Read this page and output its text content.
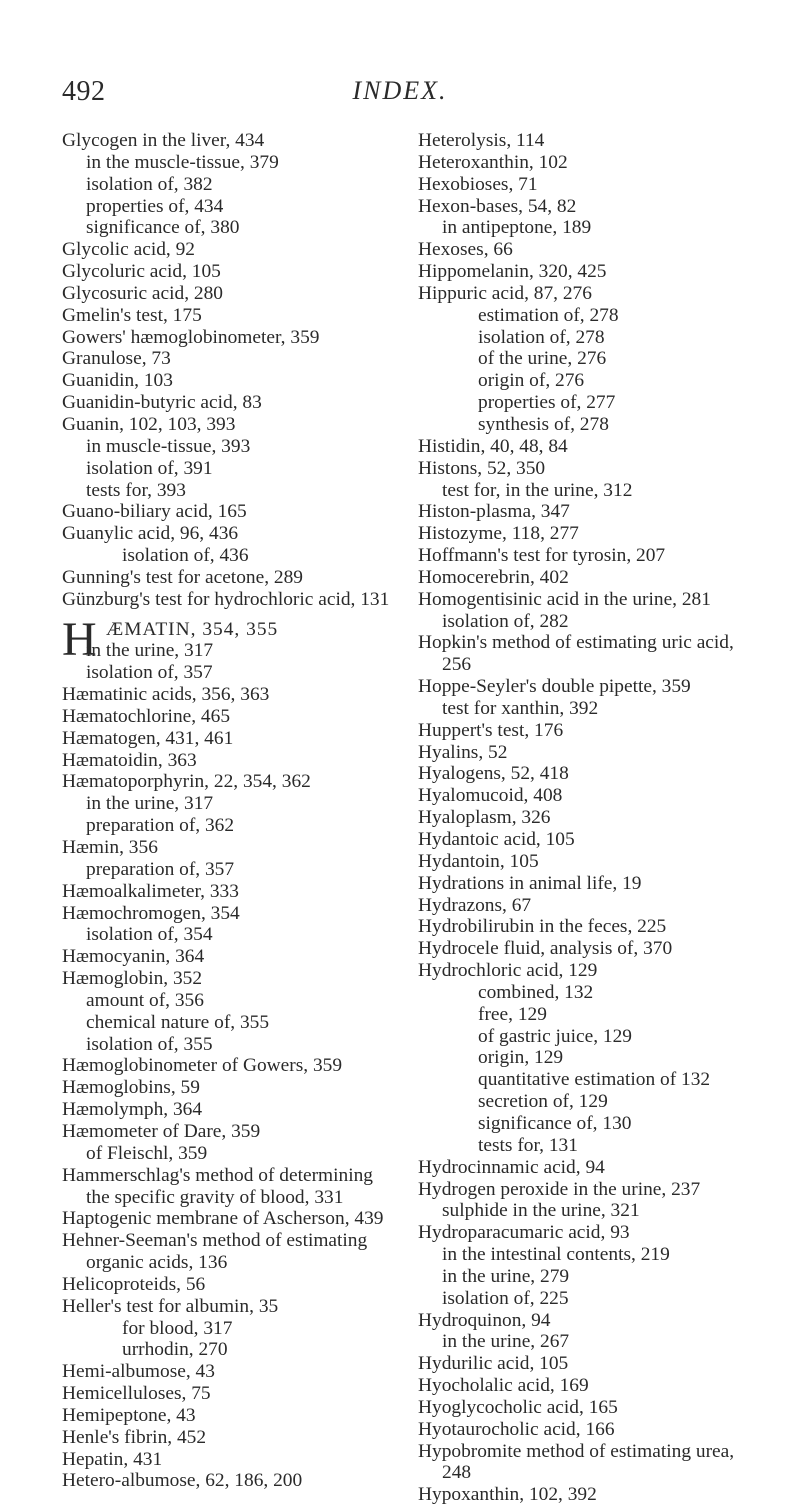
492	INDEX.
Glycogen in the liver, 434
in the muscle-tissue, 379
isolation of, 382
properties of, 434
significance of, 380
Glycolic acid, 92
Glycoluric acid, 105
Glycosuric acid, 280
Gmelin's test, 175
Gowers' hæmoglobinometer, 359
Granulose, 73
Guanidin, 103
Guanidin-butyric acid, 83
Guanin, 102, 103, 393
in muscle-tissue, 393
isolation of, 391
tests for, 393
Guano-biliary acid, 165
Guanylic acid, 96, 436
isolation of, 436
Gunning's test for acetone, 289
Günzburg's test for hydrochloric acid, 131
H ÆMATIN, 354, 355
in the urine, 317
isolation of, 357
Hæmatinic acids, 356, 363
Hæmatochlorine, 465
Hæmatogen, 431, 461
Hæmatoidin, 363
Hæmatoporphyrin, 22, 354, 362
in the urine, 317
preparation of, 362
Hæmin, 356
preparation of, 357
Hæmoalkalimeter, 333
Hæmochromogen, 354
isolation of, 354
Hæmocyanin, 364
Hæmoglobin, 352
amount of, 356
chemical nature of, 355
isolation of, 355
Hæmoglobinometer of Gowers, 359
Hæmoglobins, 59
Hæmolymph, 364
Hæmometer of Dare, 359
of Fleischl, 359
Hammerschlag's method of determining
the specific gravity of blood, 331
Haptogenic membrane of Ascherson, 439
Hehner-Seeman's method of estimating
organic acids, 136
Helicoproteids, 56
Heller's test for albumin, 35
for blood, 317
urrhodin, 270
Hemi-albumose, 43
Hemicelluloses, 75
Hemipeptone, 43
Henle's fibrin, 452
Hepatin, 431
Hetero-albumose, 62, 186, 200
Heterolysis, 114
Heteroxanthin, 102
Hexobioses, 71
Hexon-bases, 54, 82
in antipeptone, 189
Hexoses, 66
Hippomelanin, 320, 425
Hippuric acid, 87, 276
estimation of, 278
isolation of, 278
of the urine, 276
origin of, 276
properties of, 277
synthesis of, 278
Histidin, 40, 48, 84
Histons, 52, 350
test for, in the urine, 312
Histon-plasma, 347
Histozyme, 118, 277
Hoffmann's test for tyrosin, 207
Homocerebrin, 402
Homogentisinic acid in the urine, 281
isolation of, 282
Hopkin's method of estimating uric acid,
256
Hoppe-Seyler's double pipette, 359
test for xanthin, 392
Huppert's test, 176
Hyalins, 52
Hyalogens, 52, 418
Hyalomucoid, 408
Hyaloplasm, 326
Hydantoic acid, 105
Hydantoin, 105
Hydrations in animal life, 19
Hydrazons, 67
Hydrobilirubin in the feces, 225
Hydrocele fluid, analysis of, 370
Hydrochloric acid, 129
combined, 132
free, 129
of gastric juice, 129
origin, 129
quantitative estimation of 132
secretion of, 129
significance of, 130
tests for, 131
Hydrocinnamic acid, 94
Hydrogen peroxide in the urine, 237
sulphide in the urine, 321
Hydroparacumaric acid, 93
in the intestinal contents, 219
in the urine, 279
isolation of, 225
Hydroquinon, 94
in the urine, 267
Hydurilic acid, 105
Hyocholalic acid, 169
Hyoglycocholic acid, 165
Hyotaurocholic acid, 166
Hypobromite method of estimating urea,
248
Hypoxanthin, 102, 392
